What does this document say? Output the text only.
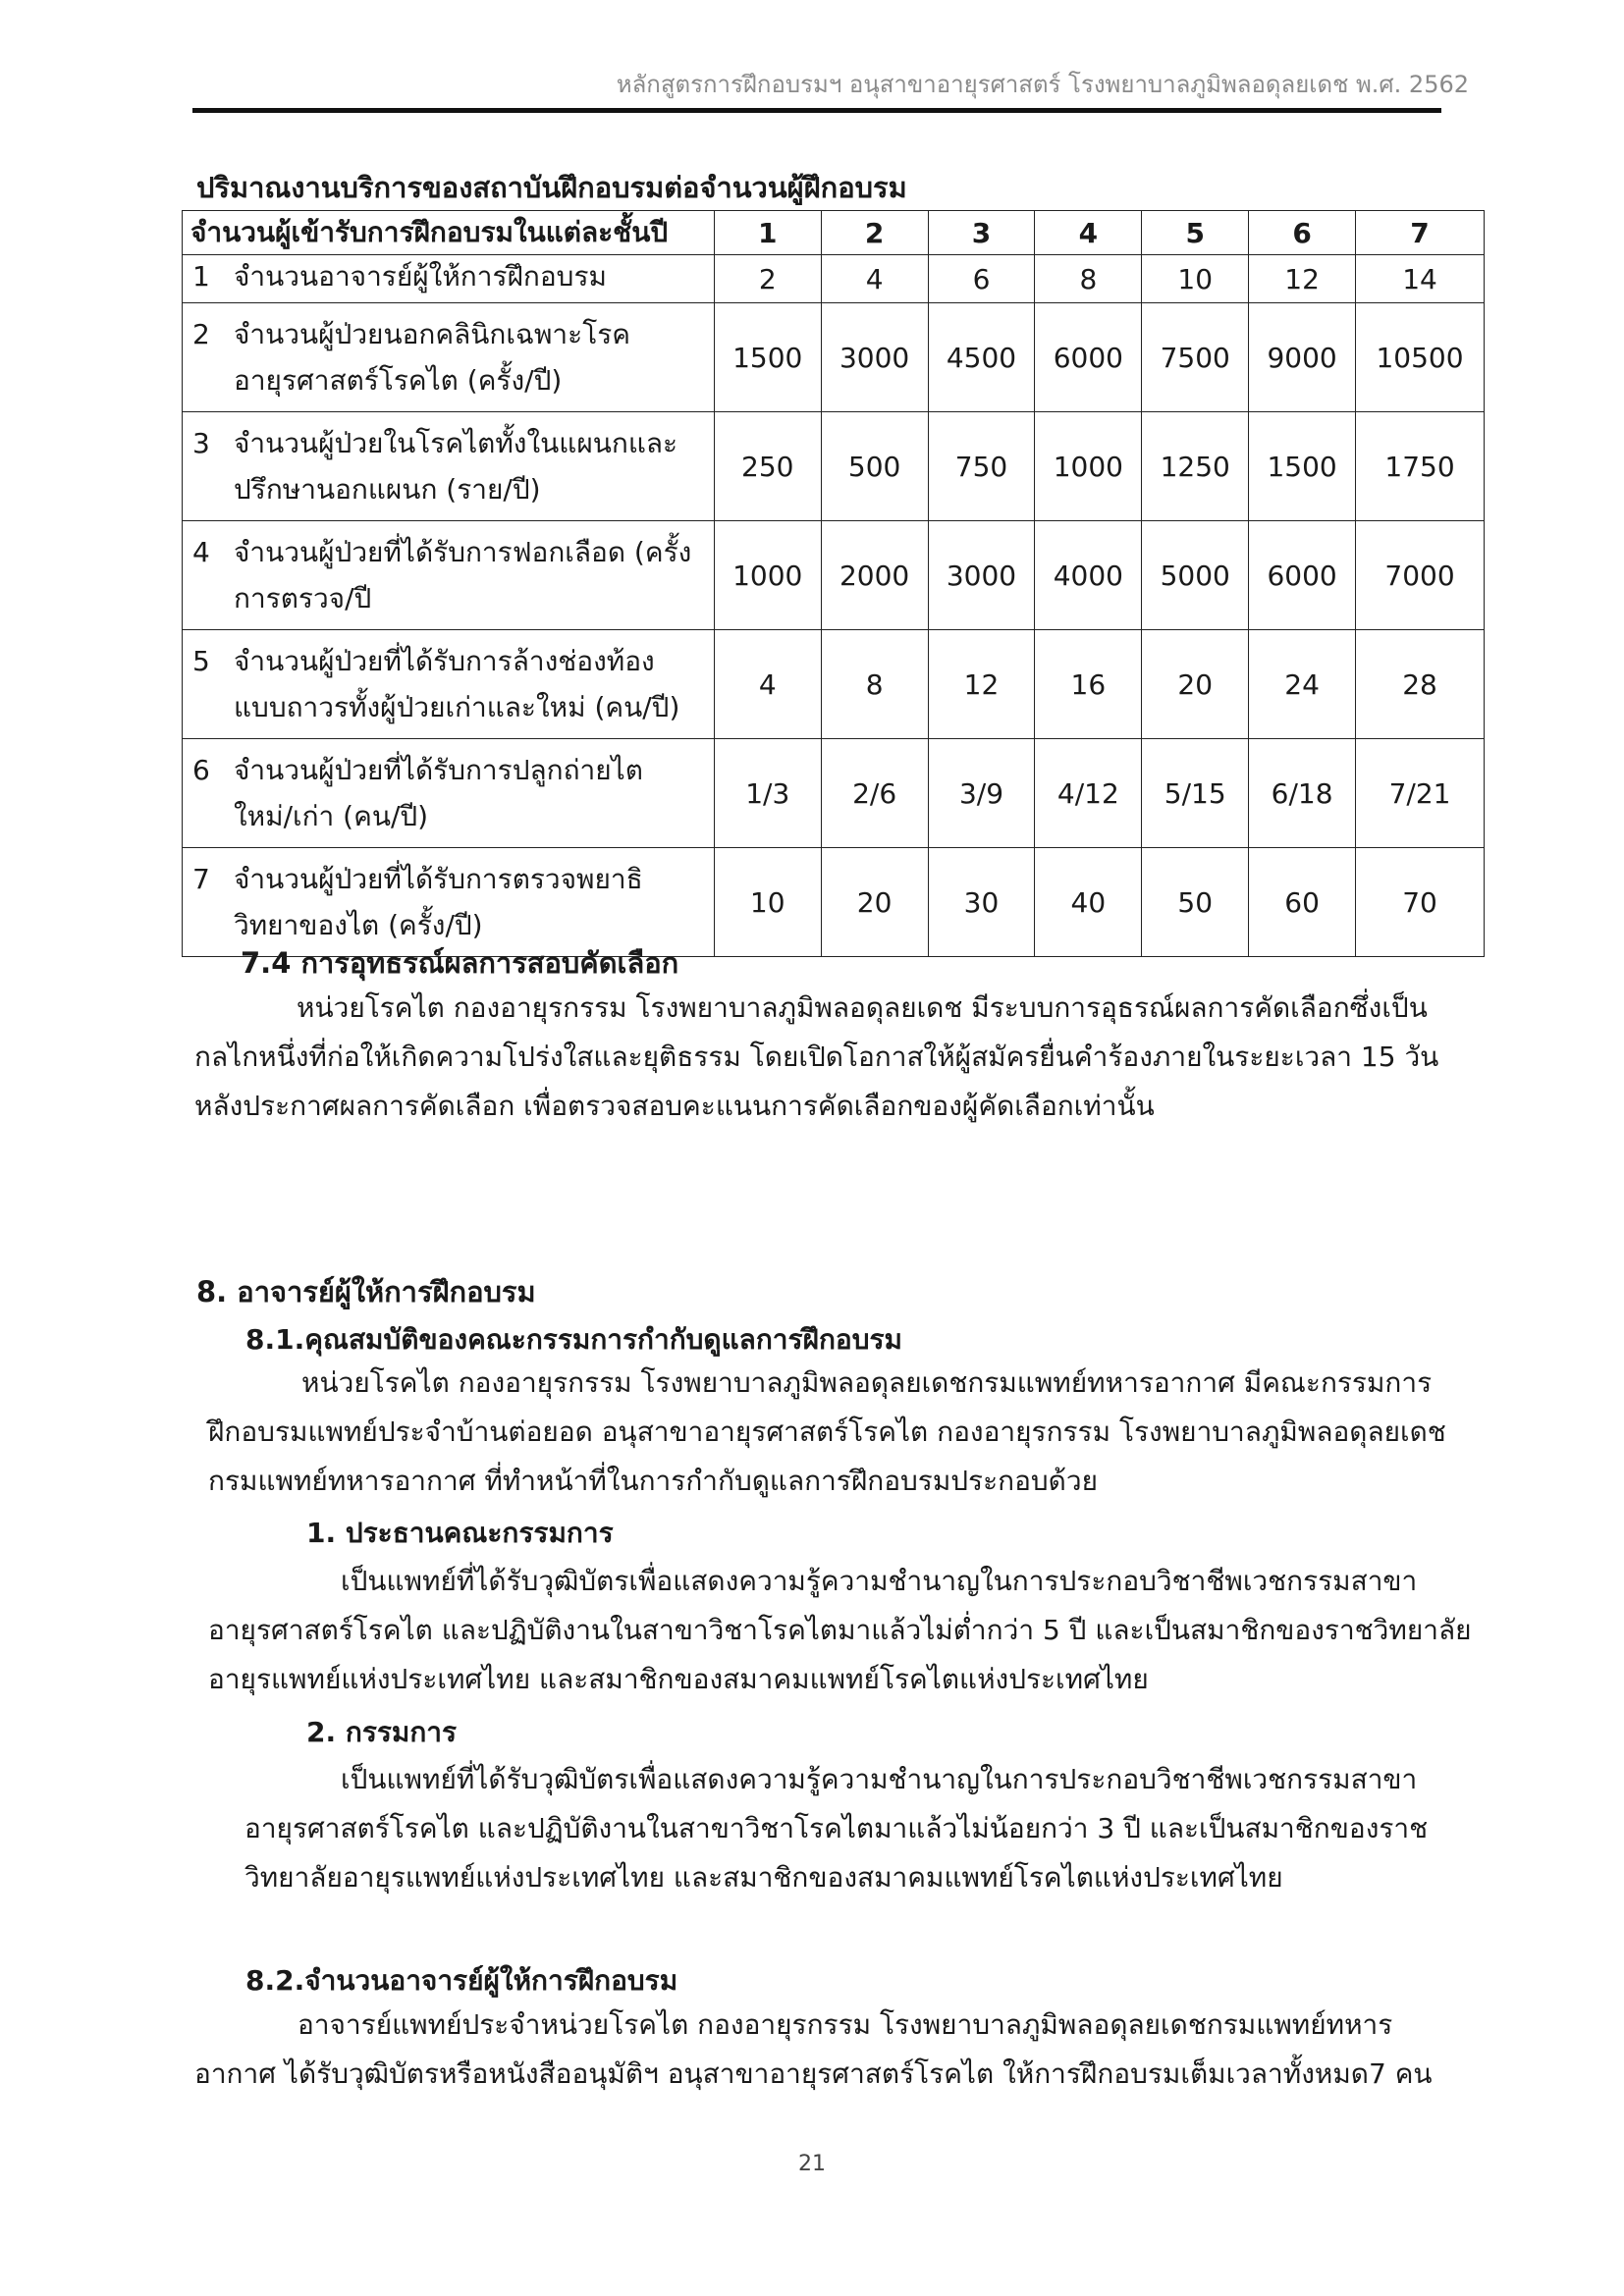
หลักสูตรการฝึกอบรมฯ อนุสาขาอายุรศาสตร์ โรงพยาบาลภูมิพลอดุลยเดช พ.ศ. 2562
ปริมาณงานบริการของสถาบันฝึกอบรมต่อจำนวนผู้ฝึกอบรม
จำนวนผู้เข้ารับการฝึกอบรมในแต่ละชั้นปี	1	2	3	4	5	6	7
1 จำนวนอาจารย์ผู้ให้การฝึกอบรม	2	4	6	8	10	12	14
2 จำนวนผู้ป่วยนอกคลินิกเฉพาะโรค
อายุรศาสตร์โรคไต (ครั้ง/ปี)	1500	3000	4500	6000	7500	9000	10500
3 จำนวนผู้ป่วยในโรคไตทั้งในแผนกและ
ปรึกษานอกแผนก (ราย/ปี)	250	500	750	1000	1250	1500	1750
4 จำนวนผู้ป่วยที่ได้รับการฟอกเลือด (ครั้ง
การตรวจ/ปี	1000	2000	3000	4000	5000	6000	7000
5 จำนวนผู้ป่วยที่ได้รับการล้างช่องท้อง
แบบถาวรทั้งผู้ป่วยเก่าและใหม่ (คน/ปี)	4	8	12	16	20	24	28
6 จำนวนผู้ป่วยที่ได้รับการปลูกถ่ายไต
ใหม่/เก่า (คน/ปี)	1/3	2/6	3/9	4/12	5/15	6/18	7/21
7 จำนวนผู้ป่วยที่ได้รับการตรวจพยาธิ
วิทยาของไต (ครั้ง/ปี)	10	20	30	40	50	60	70
7.4 การอุทธรณ์ผลการสอบคัดเลือก
หน่วยโรคไต กองอายุรกรรม โรงพยาบาลภูมิพลอดุลยเดช มีระบบการอุธรณ์ผลการคัดเลือกซึ่งเป็น
กลไกหนึ่งที่ก่อให้เกิดความโปร่งใสและยุติธรรม โดยเปิดโอกาสให้ผู้สมัครยื่นคำร้องภายในระยะเวลา 15 วัน
หลังประกาศผลการคัดเลือก เพื่อตรวจสอบคะแนนการคัดเลือกของผู้คัดเลือกเท่านั้น
8. อาจารย์ผู้ให้การฝึกอบรม
8.1.คุณสมบัติของคณะกรรมการกำกับดูแลการฝึกอบรม
หน่วยโรคไต กองอายุรกรรม โรงพยาบาลภูมิพลอดุลยเดชกรมแพทย์ทหารอากาศ มีคณะกรรมการ
ฝึกอบรมแพทย์ประจำบ้านต่อยอด อนุสาขาอายุรศาสตร์โรคไต กองอายุรกรรม โรงพยาบาลภูมิพลอดุลยเดช
กรมแพทย์ทหารอากาศ ที่ทำหน้าที่ในการกำกับดูแลการฝึกอบรมประกอบด้วย
1. ประธานคณะกรรมการ
เป็นแพทย์ที่ได้รับวุฒิบัตรเพื่อแสดงความรู้ความชำนาญในการประกอบวิชาชีพเวชกรรมสาขา
อายุรศาสตร์โรคไต และปฏิบัติงานในสาขาวิชาโรคไตมาแล้วไม่ต่ำกว่า 5 ปี และเป็นสมาชิกของราชวิทยาลัย
อายุรแพทย์แห่งประเทศไทย และสมาชิกของสมาคมแพทย์โรคไตแห่งประเทศไทย
2. กรรมการ
เป็นแพทย์ที่ได้รับวุฒิบัตรเพื่อแสดงความรู้ความชำนาญในการประกอบวิชาชีพเวชกรรมสาขา
อายุรศาสตร์โรคไต และปฏิบัติงานในสาขาวิชาโรคไตมาแล้วไม่น้อยกว่า 3 ปี และเป็นสมาชิกของราช
วิทยาลัยอายุรแพทย์แห่งประเทศไทย และสมาชิกของสมาคมแพทย์โรคไตแห่งประเทศไทย
8.2.จำนวนอาจารย์ผู้ให้การฝึกอบรม
อาจารย์แพทย์ประจำหน่วยโรคไต กองอายุรกรรม โรงพยาบาลภูมิพลอดุลยเดชกรมแพทย์ทหาร
อากาศ ได้รับวุฒิบัตรหรือหนังสืออนุมัติฯ อนุสาขาอายุรศาสตร์โรคไต ให้การฝึกอบรมเต็มเวลาทั้งหมด7 คน
21
